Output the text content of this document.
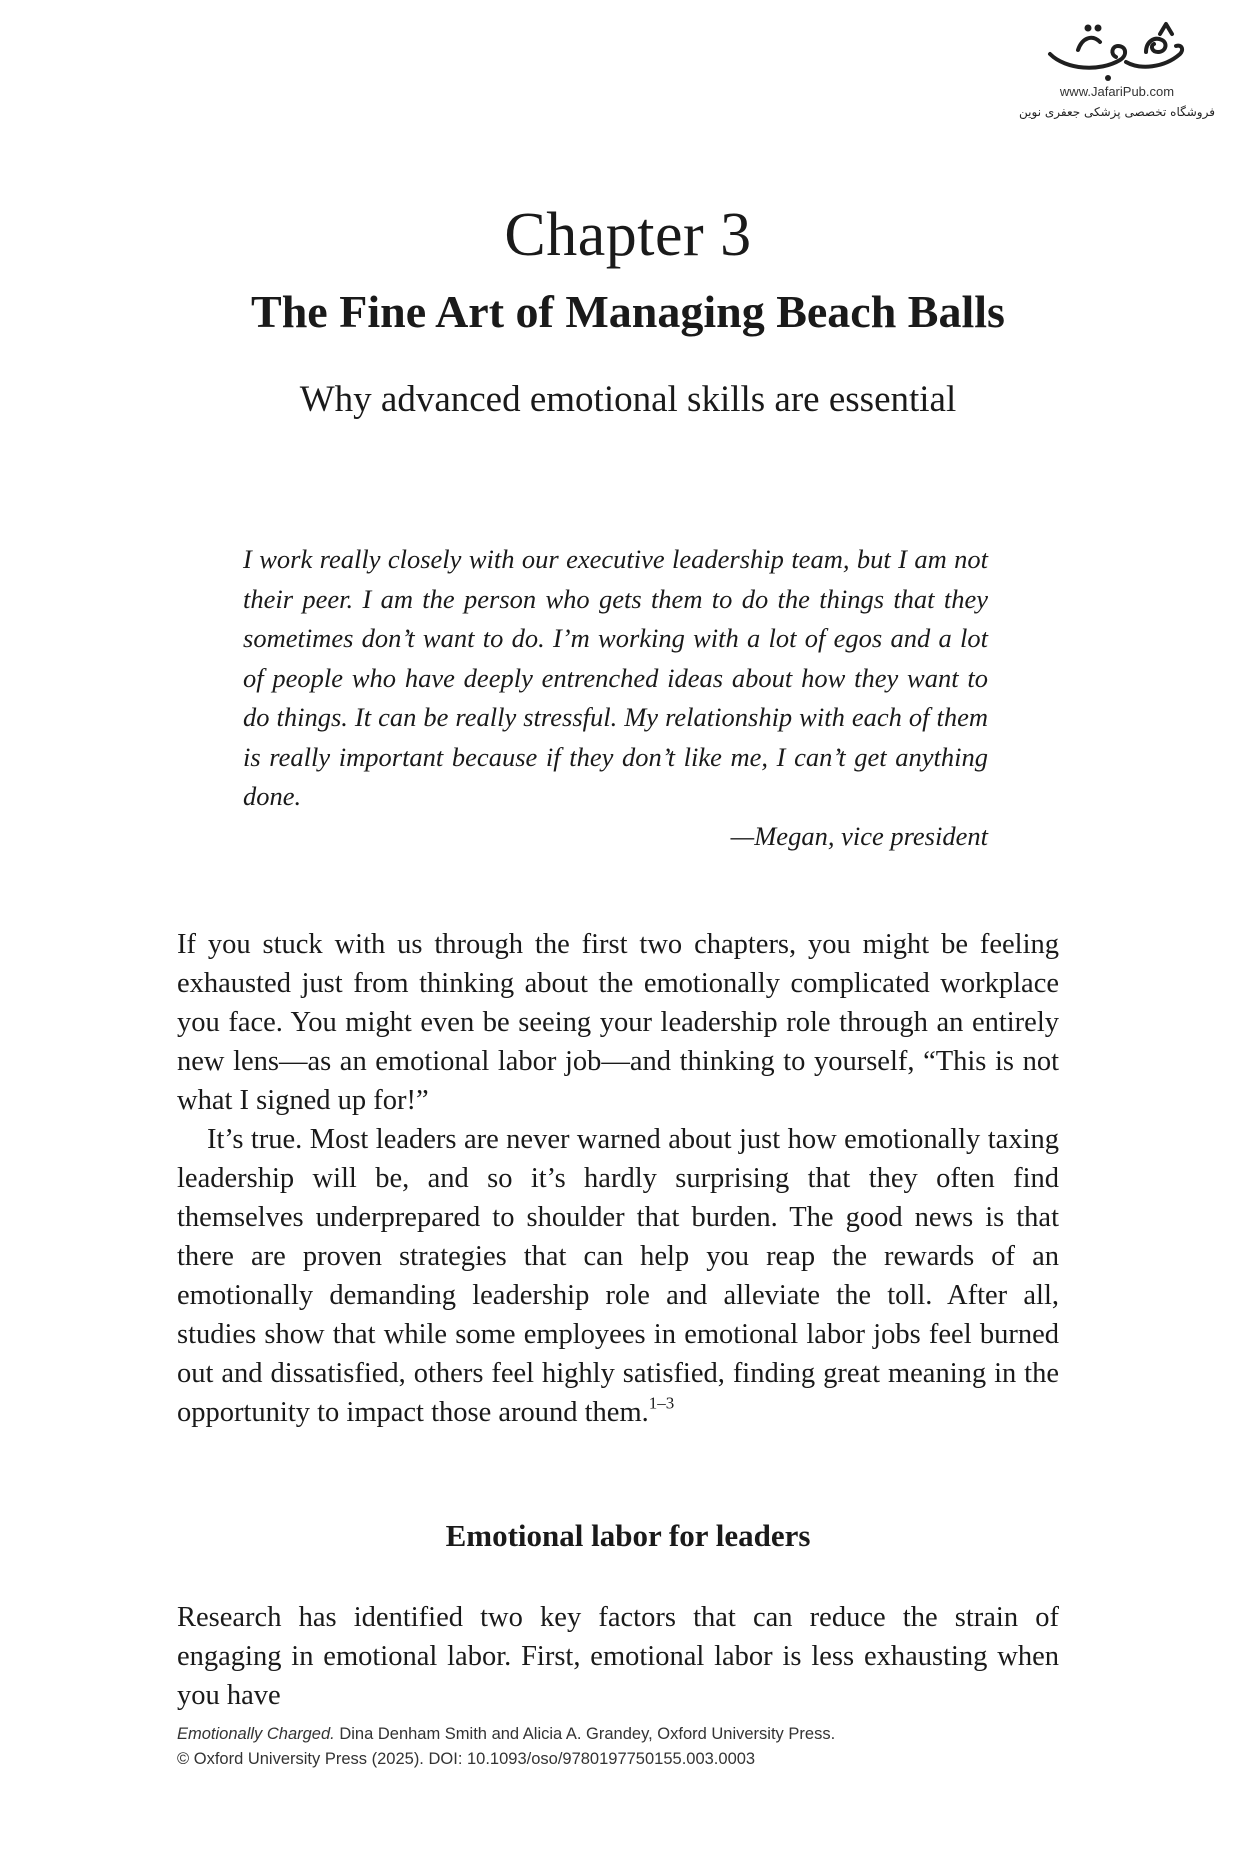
www.JafariPub.com
فروشگاه تخصصی پزشکی جعفری نوین
Chapter 3
The Fine Art of Managing Beach Balls
Why advanced emotional skills are essential

I work really closely with our executive leadership team, but I am not their peer. I am the person who gets them to do the things that they sometimes don’t want to do. I’m working with a lot of egos and a lot of people who have deeply entrenched ideas about how they want to do things. It can be really stressful. My relationship with each of them is really important because if they don’t like me, I can’t get anything done.

—Megan, vice president

If you stuck with us through the first two chapters, you might be feeling exhausted just from thinking about the emotionally complicated workplace you face. You might even be seeing your leadership role through an entirely new lens—as an emotional labor job—and thinking to yourself, “This is not what I signed up for!”

It’s true. Most leaders are never warned about just how emotionally taxing leadership will be, and so it’s hardly surprising that they often find themselves underprepared to shoulder that burden. The good news is that there are proven strategies that can help you reap the rewards of an emotionally demanding leadership role and alleviate the toll. After all, studies show that while some employees in emotional labor jobs feel burned out and dissatisfied, others feel highly satisfied, finding great meaning in the opportunity to impact those around them.$^{1-3}$

Emotional labor for leaders

Research has identified two key factors that can reduce the strain of engaging in emotional labor. First, emotional labor is less exhausting when you have

Emotionally Charged. Dina Denham Smith and Alicia A. Grandey, Oxford University Press.
© Oxford University Press (2025). DOI: 10.1093/oso/9780197750155.003.0003
